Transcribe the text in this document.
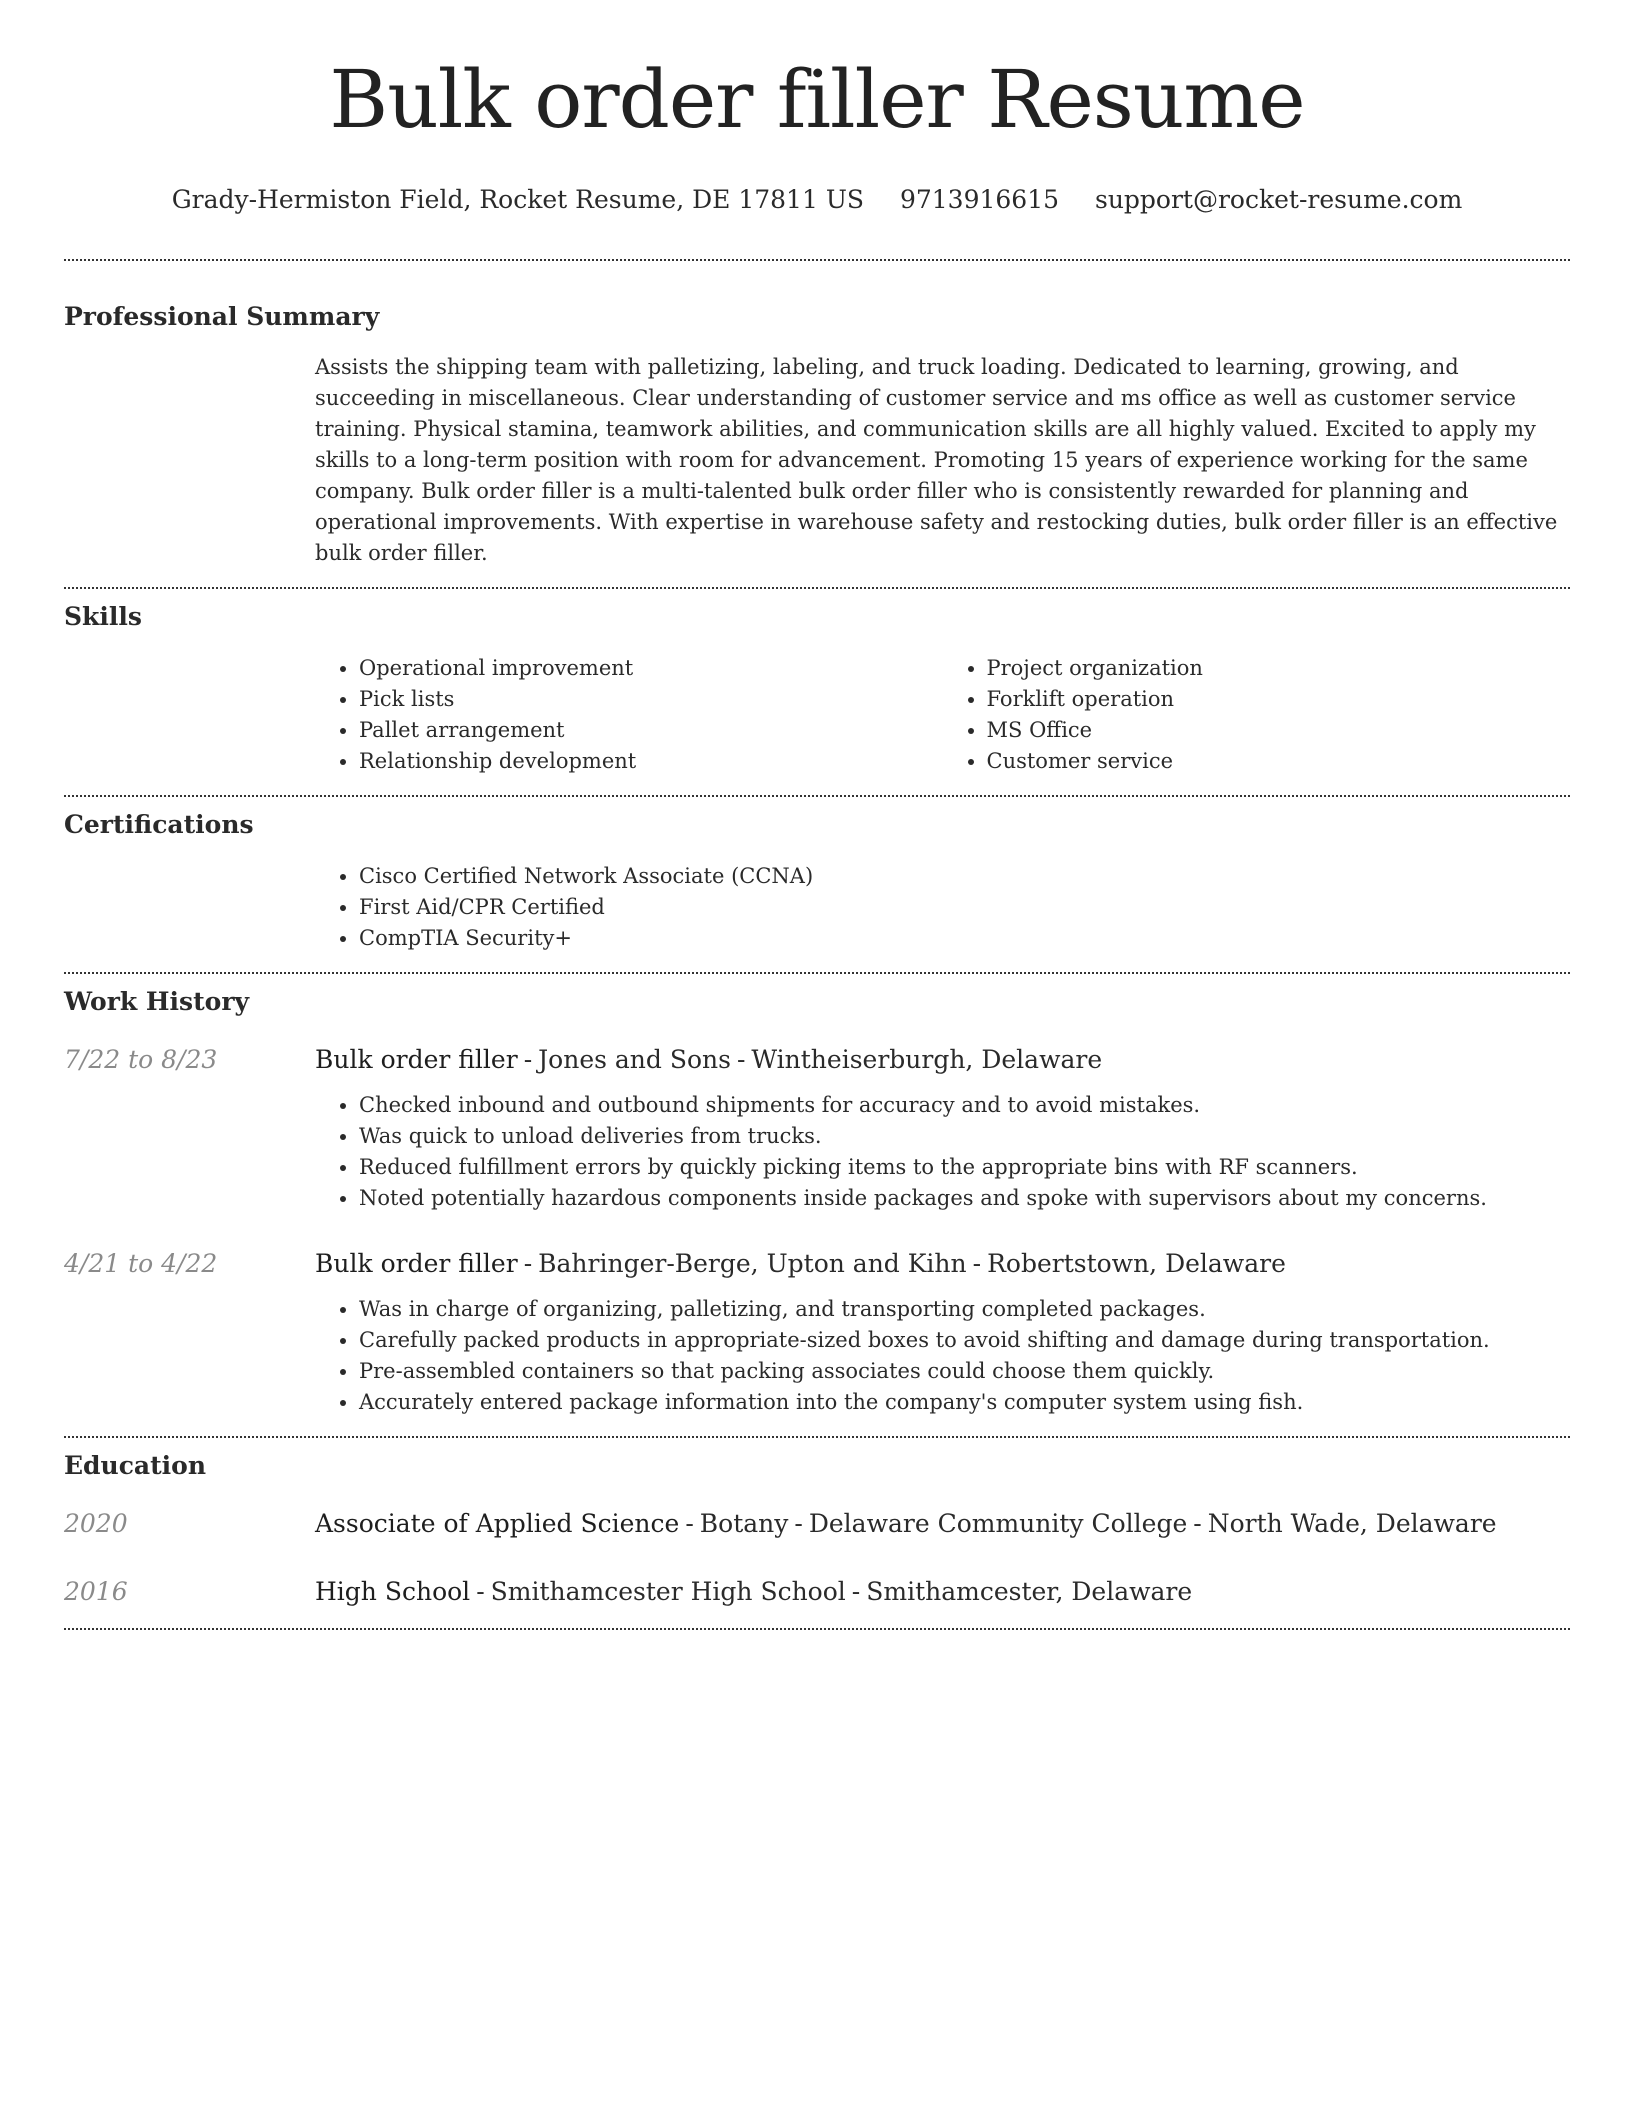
Bulk order filler Resume
Grady-Hermiston Field, Rocket Resume, DE 17811 US 9713916615 support@rocket-resume.com
Professional Summary
Assists the shipping team with palletizing, labeling, and truck loading. Dedicated to learning, growing, and succeeding in miscellaneous. Clear understanding of customer service and ms office as well as customer service training. Physical stamina, teamwork abilities, and communication skills are all highly valued. Excited to apply my skills to a long-term position with room for advancement. Promoting 15 years of experience working for the same company. Bulk order filler is a multi-talented bulk order filler who is consistently rewarded for planning and operational improvements. With expertise in warehouse safety and restocking duties, bulk order filler is an effective bulk order filler.
Skills
• Operational improvement
• Pick lists
• Pallet arrangement
• Relationship development
• Project organization
• Forklift operation
• MS Office
• Customer service
Certifications
• Cisco Certified Network Associate (CCNA)
• First Aid/CPR Certified
• CompTIA Security+
Work History
7/22 to 8/23	Bulk order filler - Jones and Sons - Wintheiserburgh, Delaware
• Checked inbound and outbound shipments for accuracy and to avoid mistakes.
• Was quick to unload deliveries from trucks.
• Reduced fulfillment errors by quickly picking items to the appropriate bins with RF scanners.
• Noted potentially hazardous components inside packages and spoke with supervisors about my concerns.
4/21 to 4/22	Bulk order filler - Bahringer-Berge, Upton and Kihn - Robertstown, Delaware
• Was in charge of organizing, palletizing, and transporting completed packages.
• Carefully packed products in appropriate-sized boxes to avoid shifting and damage during transportation.
• Pre-assembled containers so that packing associates could choose them quickly.
• Accurately entered package information into the company's computer system using fish.
Education
2020	Associate of Applied Science - Botany - Delaware Community College - North Wade, Delaware
2016	High School - Smithamcester High School - Smithamcester, Delaware
